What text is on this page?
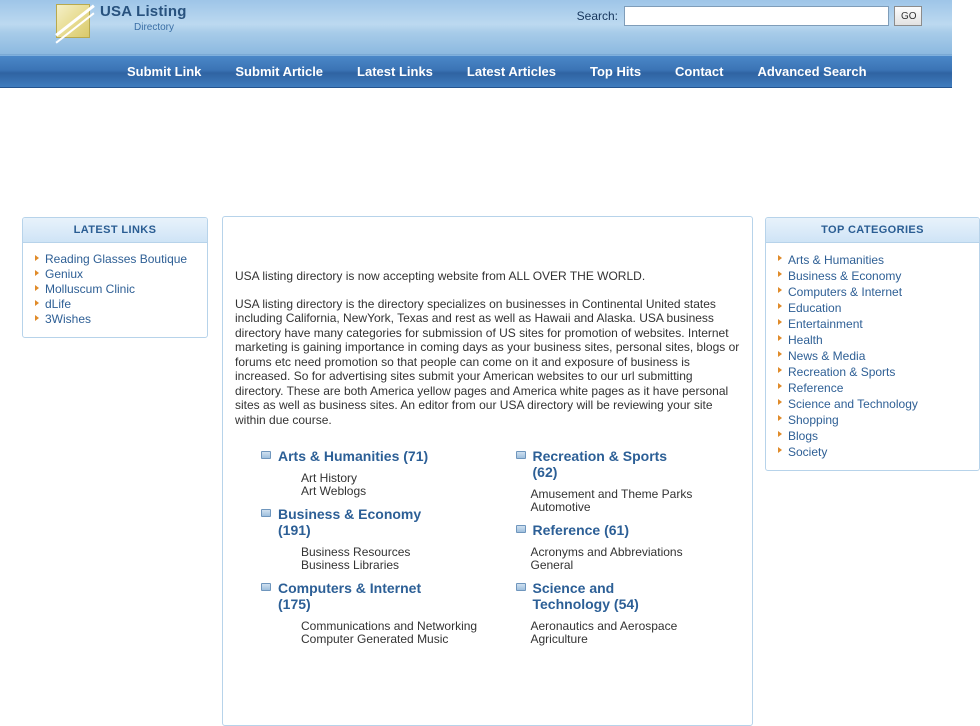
USA Listing
Directory
Search:	GO
Submit Link	Submit Article	Latest Links	Latest Articles	Top Hits	Contact	Advanced Search
LATEST LINKS
Reading Glasses Boutique
Geniux
Molluscum Clinic
dLife
3Wishes

USA listing directory is now accepting website from ALL OVER THE WORLD.

USA listing directory is the directory specializes on businesses in Continental United states including California, NewYork, Texas and rest as well as Hawaii and Alaska. USA business directory have many categories for submission of US sites for promotion of websites. Internet marketing is gaining importance in coming days as your business sites, personal sites, blogs or forums etc need promotion so that people can come on it and exposure of business is increased. So for advertising sites submit your American websites to our url submitting directory. These are both America yellow pages and America white pages as it have personal sites as well as business sites. An editor from our USA directory will be reviewing your site within due course.

Arts & Humanities (71)
Art History
Art Weblogs
Business & Economy (191)
Business Resources
Business Libraries
Computers & Internet (175)
Communications and Networking
Computer Generated Music
Recreation & Sports (62)
Amusement and Theme Parks
Automotive
Reference (61)
Acronyms and Abbreviations
General
Science and Technology (54)
Aeronautics and Aerospace
Agriculture
TOP CATEGORIES
Arts & Humanities
Business & Economy
Computers & Internet
Education
Entertainment
Health
News & Media
Recreation & Sports
Reference
Science and Technology
Shopping
Blogs
Society
